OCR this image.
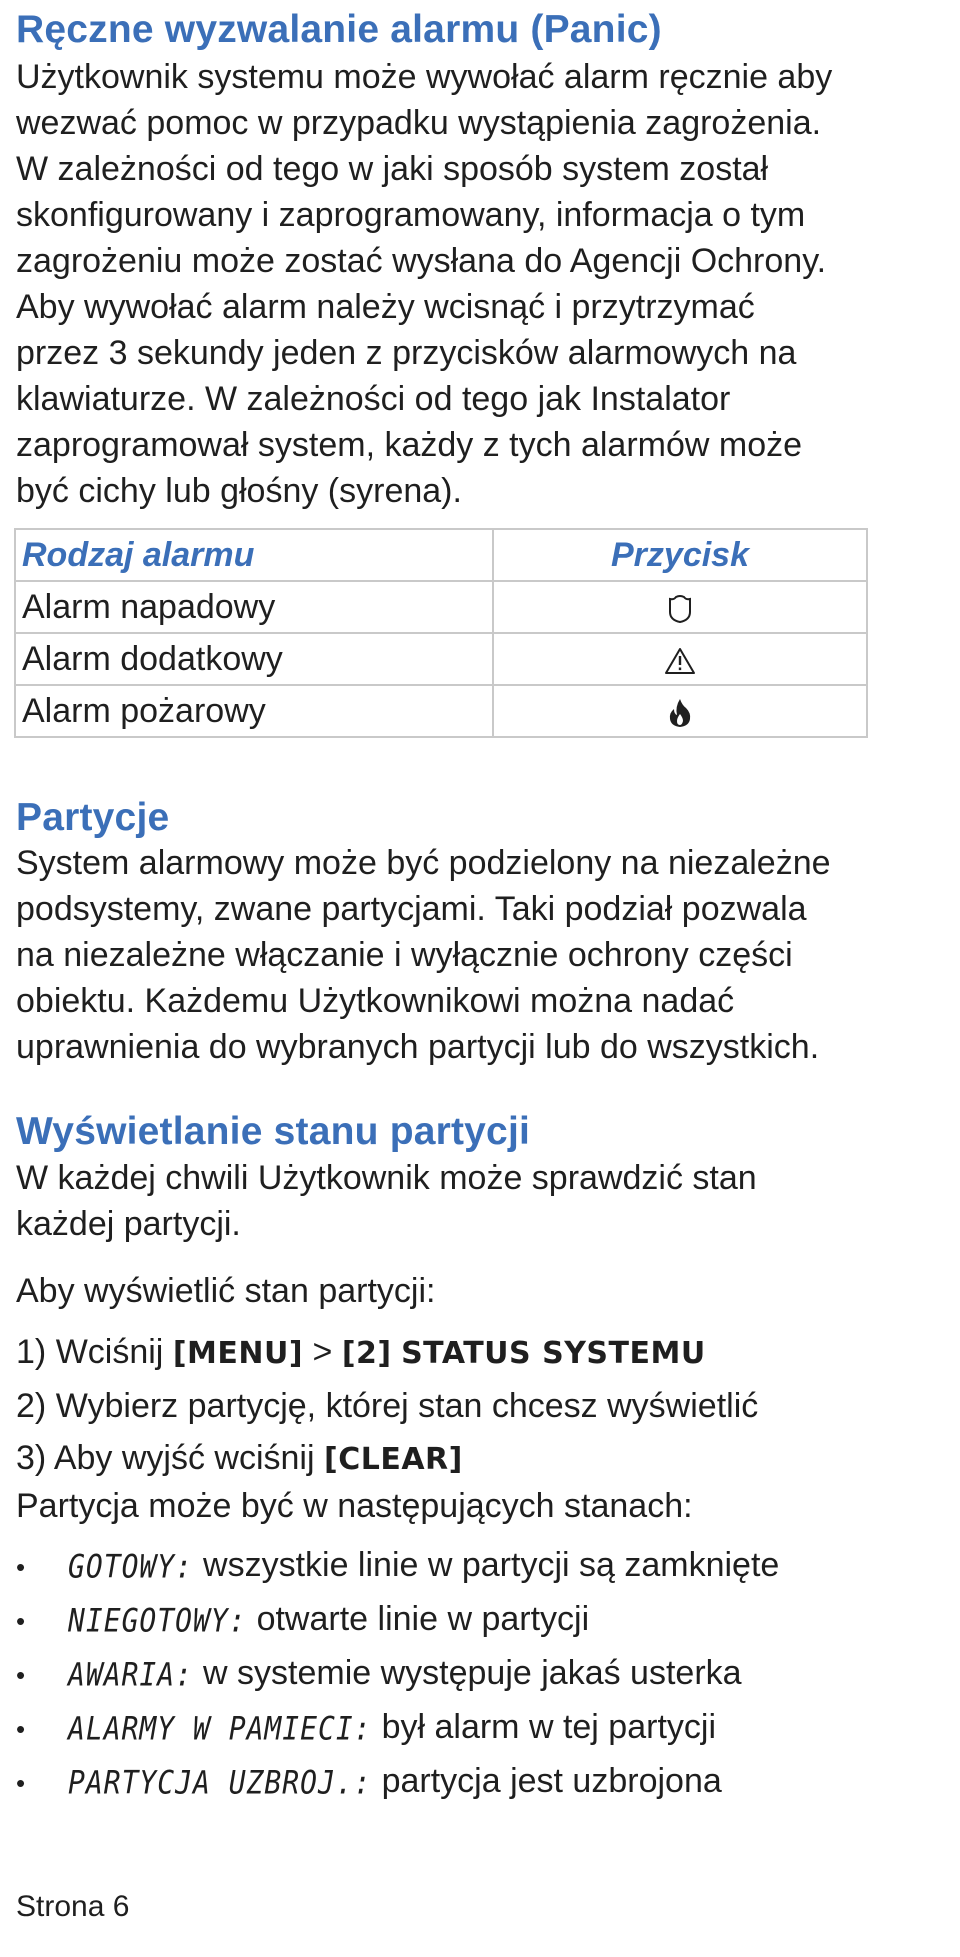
Ręczne wyzwalanie alarmu (Panic)

Użytkownik systemu może wywołać alarm ręcznie aby
wezwać pomoc w przypadku wystąpienia zagrożenia.
W zależności od tego w jaki sposób system został
skonfigurowany i zaprogramowany, informacja o tym
zagrożeniu może zostać wysłana do Agencji Ochrony.
Aby wywołać alarm należy wcisnąć i przytrzymać
przez 3 sekundy jeden z przycisków alarmowych na
klawiaturze. W zależności od tego jak Instalator
zaprogramował system, każdy z tych alarmów może
być cichy lub głośny (syrena).

Rodzaj alarmu	Przycisk
Alarm napadowy	
Alarm dodatkowy	
Alarm pożarowy	
Partycje

System alarmowy może być podzielony na niezależne
podsystemy, zwane partycjami. Taki podział pozwala
na niezależne włączanie i wyłącznie ochrony części
obiektu. Każdemu Użytkownikowi można nadać
uprawnienia do wybranych partycji lub do wszystkich.

Wyświetlanie stanu partycji

W każdej chwili Użytkownik może sprawdzić stan
każdej partycji.

Aby wyświetlić stan partycji:

1) Wciśnij [MENU] > [2] STATUS SYSTEMU
2) Wybierz partycję, której stan chcesz wyświetlić
3) Aby wyjść wciśnij [CLEAR]

Partycja może być w następujących stanach:

• GOTOWY: wszystkie linie w partycji są zamknięte
• NIEGOTOWY: otwarte linie w partycji
• AWARIA: w systemie występuje jakaś usterka
• ALARMY W PAMIECI: był alarm w tej partycji
• PARTYCJA UZBROJ.: partycja jest uzbrojona
Strona 6
